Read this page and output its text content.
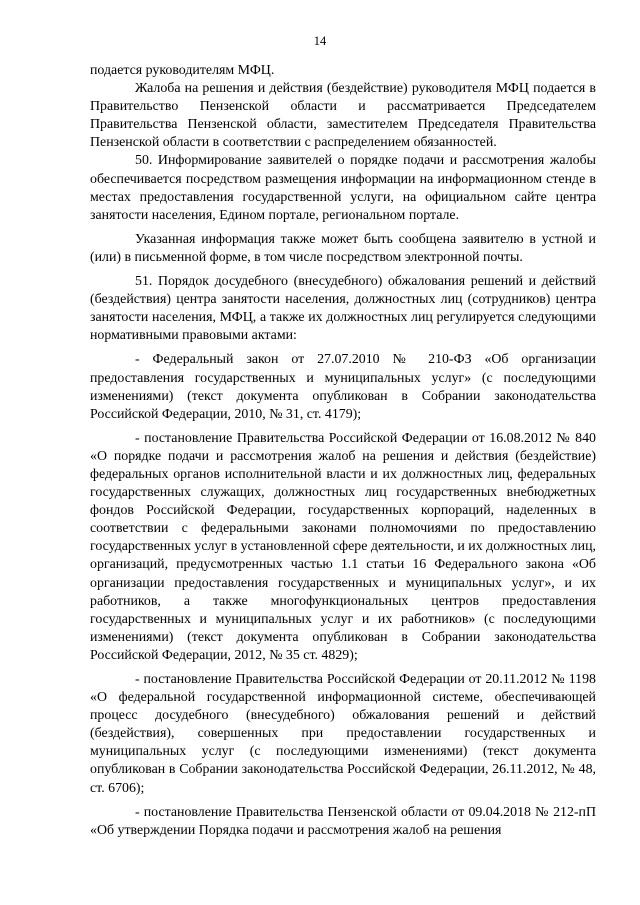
14

подается руководителям МФЦ.

Жалоба на решения и действия (бездействие) руководителя МФЦ подается в Правительство Пензенской области и рассматривается Председателем Правительства Пензенской области, заместителем Председателя Правительства Пензенской области в соответствии с распределением обязанностей.

50. Информирование заявителей о порядке подачи и рассмотрения жалобы обеспечивается посредством размещения информации на информационном стенде в местах предоставления государственной услуги, на официальном сайте центра занятости населения, Едином портале, региональном портале.

Указанная информация также может быть сообщена заявителю в устной и (или) в письменной форме, в том числе посредством электронной почты.

51. Порядок досудебного (внесудебного) обжалования решений и действий (бездействия) центра занятости населения, должностных лиц (сотрудников) центра занятости населения, МФЦ, а также их должностных лиц регулируется следующими нормативными правовыми актами:

- Федеральный закон от 27.07.2010 № 210-ФЗ «Об организации предоставления государственных и муниципальных услуг» (с последующими изменениями) (текст документа опубликован в Собрании законодательства Российской Федерации, 2010, № 31, ст. 4179);

- постановление Правительства Российской Федерации от 16.08.2012 № 840 «О порядке подачи и рассмотрения жалоб на решения и действия (бездействие) федеральных органов исполнительной власти и их должностных лиц, федеральных государственных служащих, должностных лиц государственных внебюджетных фондов Российской Федерации, государственных корпораций, наделенных в соответствии с федеральными законами полномочиями по предоставлению государственных услуг в установленной сфере деятельности, и их должностных лиц, организаций, предусмотренных частью 1.1 статьи 16 Федерального закона «Об организации предоставления государственных и муниципальных услуг», и их работников, а также многофункциональных центров предоставления государственных и муниципальных услуг и их работников» (с последующими изменениями) (текст документа опубликован в Собрании законодательства Российской Федерации, 2012, № 35 ст. 4829);

- постановление Правительства Российской Федерации от 20.11.2012 № 1198 «О федеральной государственной информационной системе, обеспечивающей процесс досудебного (внесудебного) обжалования решений и действий (бездействия), совершенных при предоставлении государственных и муниципальных услуг (с последующими изменениями) (текст документа опубликован в Собрании законодательства Российской Федерации, 26.11.2012, № 48, ст. 6706);

- постановление Правительства Пензенской области от 09.04.2018 № 212-пП «Об утверждении Порядка подачи и рассмотрения жалоб на решения
